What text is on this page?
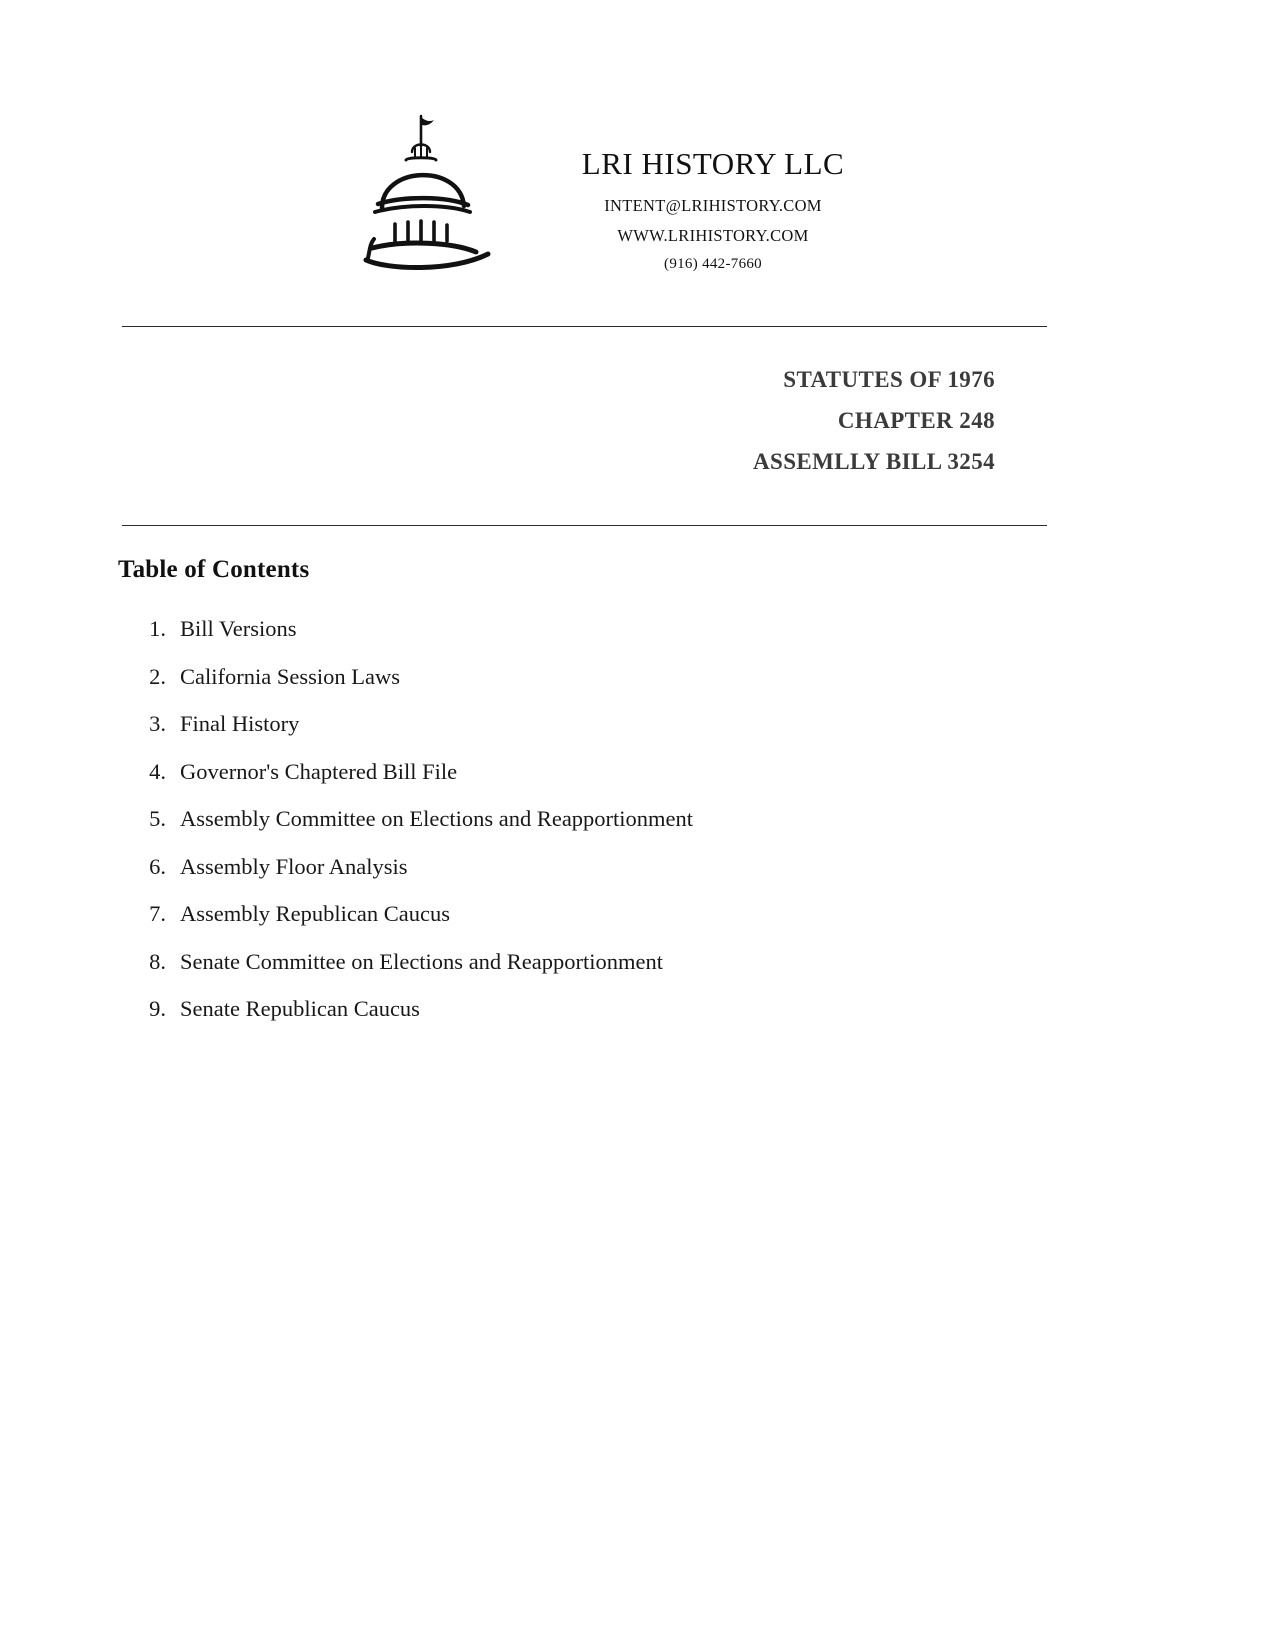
LRI HISTORY LLC
INTENT@LRIHISTORY.COM
WWW.LRIHISTORY.COM
(916) 442-7660
STATUTES OF 1976
CHAPTER 248
ASSEMLLY BILL 3254
Table of Contents
1. Bill Versions
2. California Session Laws
3. Final History
4. Governor's Chaptered Bill File
5. Assembly Committee on Elections and Reapportionment
6. Assembly Floor Analysis
7. Assembly Republican Caucus
8. Senate Committee on Elections and Reapportionment
9. Senate Republican Caucus
